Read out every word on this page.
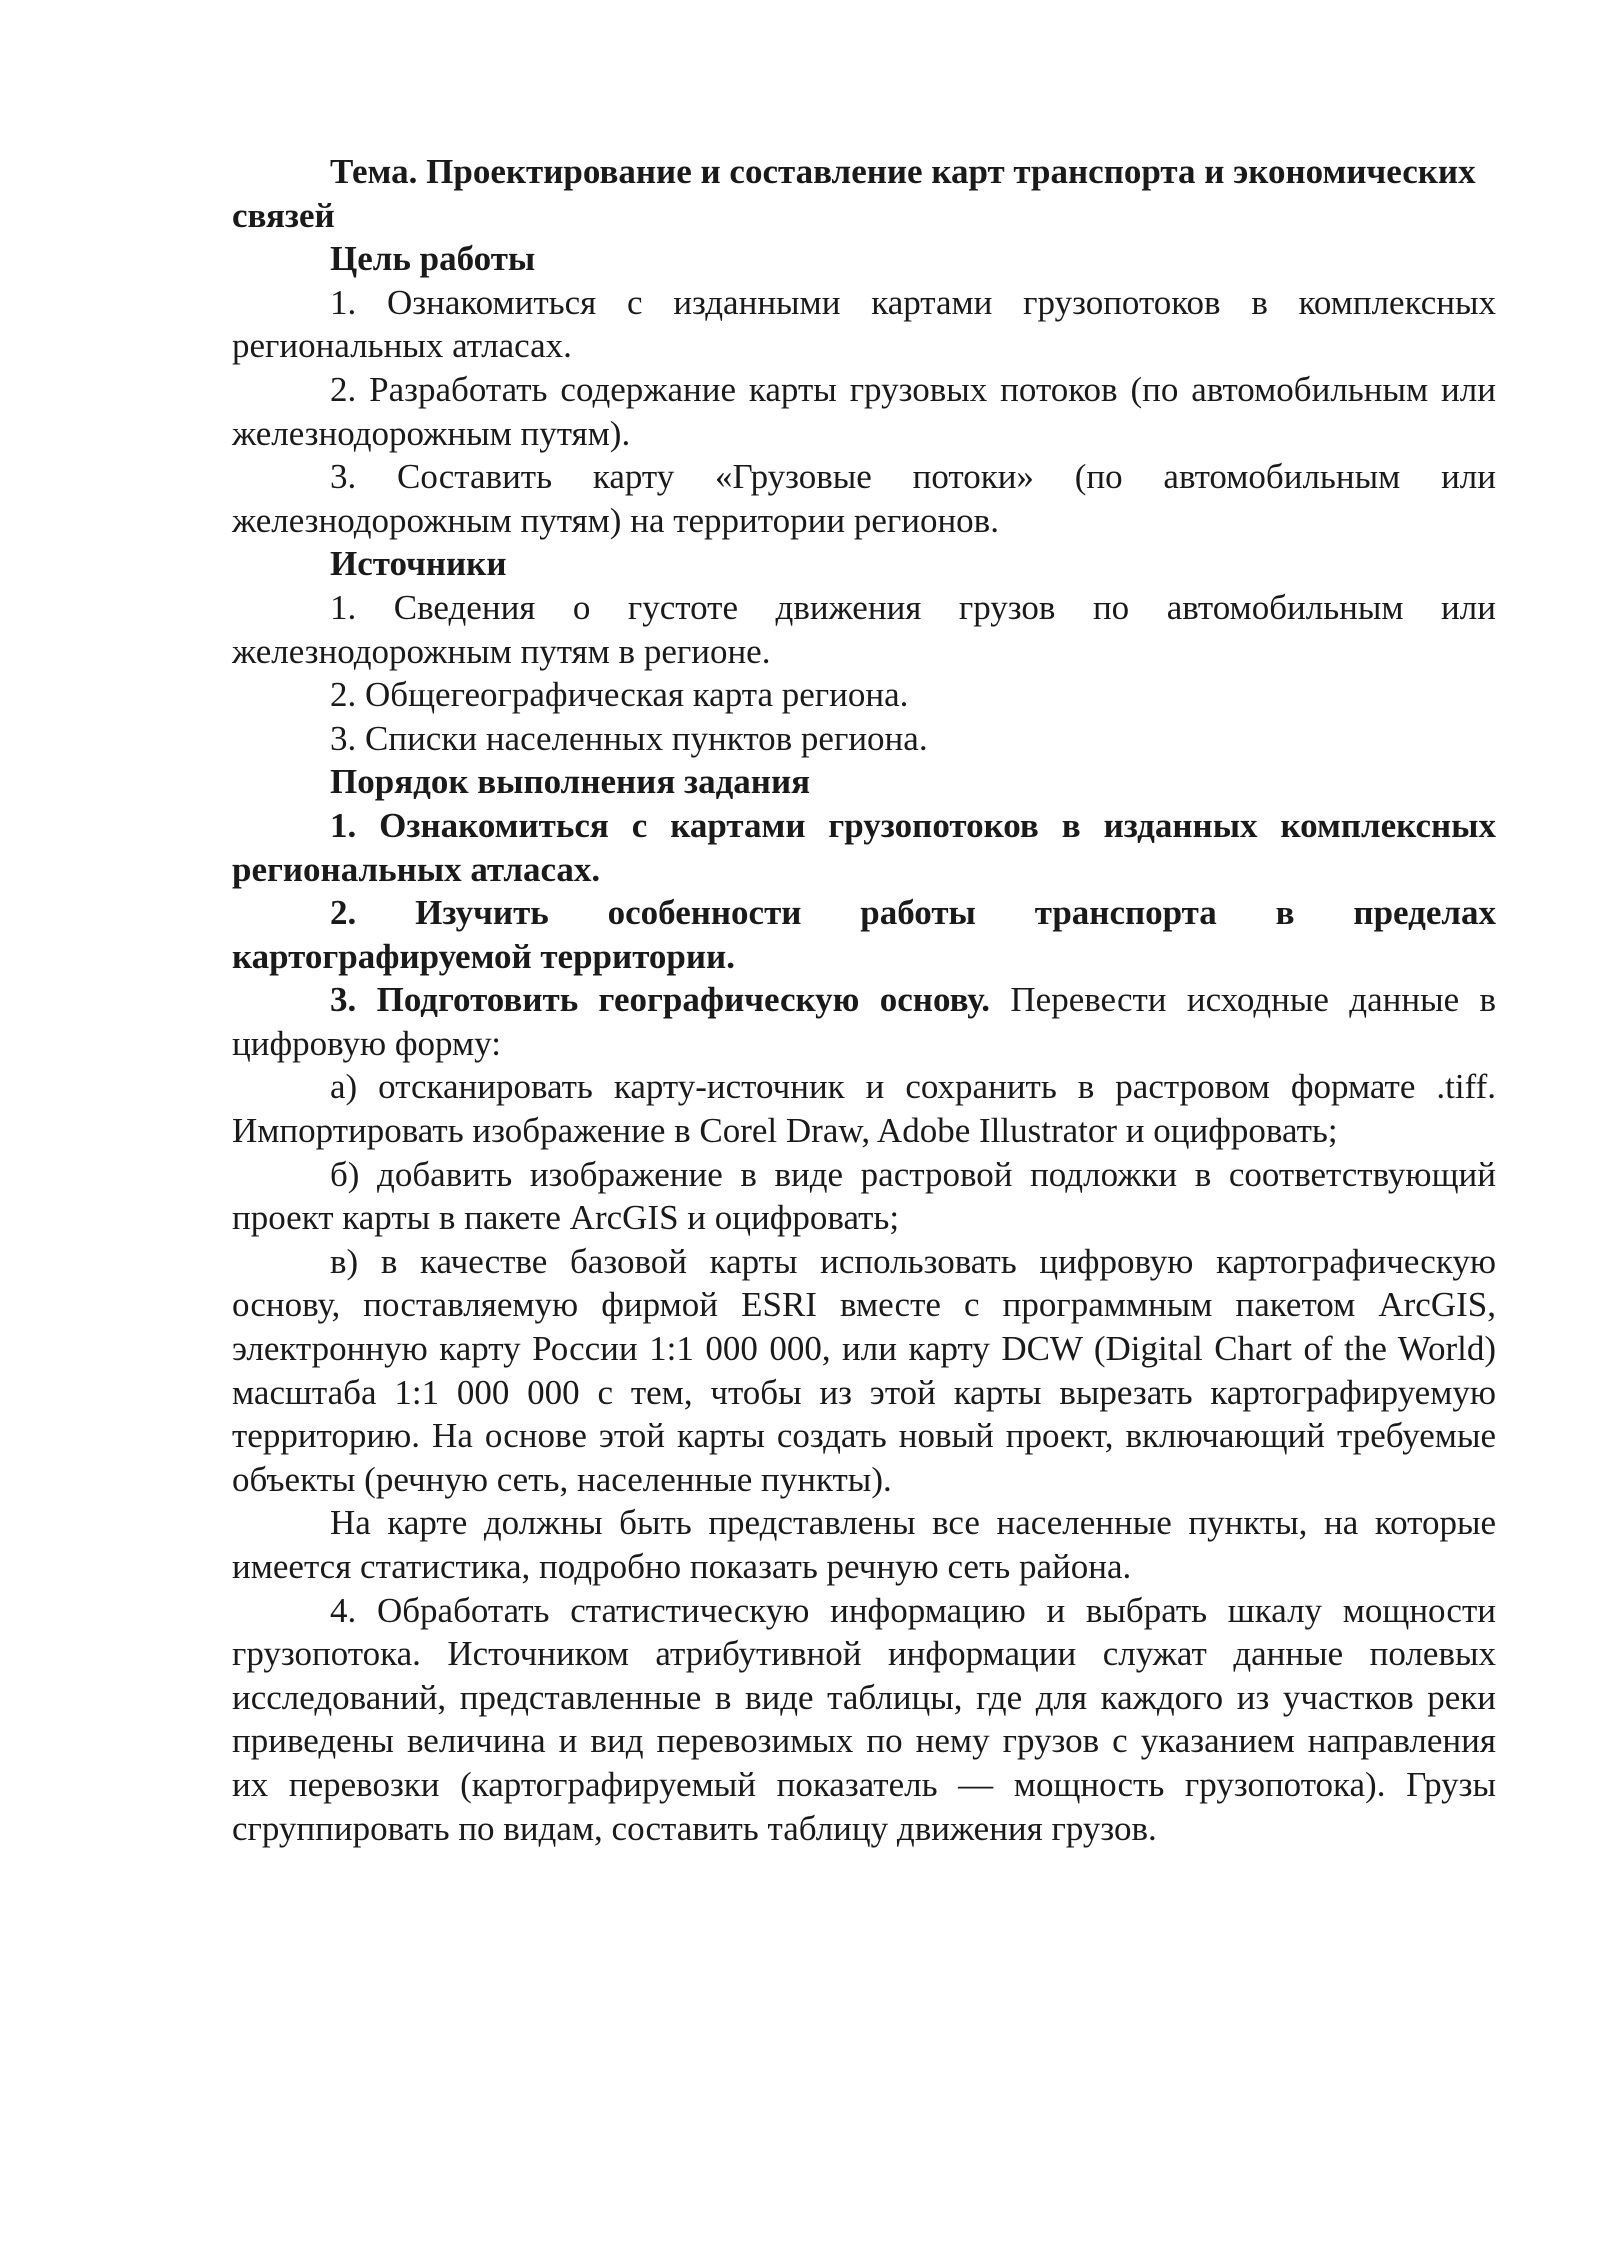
Тема. Проектирование и составление карт транспорта и экономических связей

Цель работы

1. Ознакомиться с изданными картами грузопотоков в комплексных региональных атласах.

2. Разработать содержание карты грузовых потоков (по автомобильным или железнодорожным путям).

3. Составить карту «Грузовые потоки» (по автомобильным или железнодорожным путям) на территории регионов.

Источники

1. Сведения о густоте движения грузов по автомобильным или железнодорожным путям в регионе.

2. Общегеографическая карта региона.

3. Списки населенных пунктов региона.

Порядок выполнения задания

1. Ознакомиться с картами грузопотоков в изданных комплексных региональных атласах.

2. Изучить особенности работы транспорта в пределах картографируемой территории.

3. Подготовить географическую основу. Перевести исходные данные в цифровую форму:

а) отсканировать карту-источник и сохранить в растровом формате .tiff. Импортировать изображение в Corel Draw, Adobe Illustrator и оцифровать;

б) добавить изображение в виде растровой подложки в соответствующий проект карты в пакете ArcGIS и оцифровать;

в) в качестве базовой карты использовать цифровую картографическую основу, поставляемую фирмой ESRI вместе с программным пакетом ArcGIS, электронную карту России 1:1 000 000, или карту DCW (Digital Chart of the World) масштаба 1:1 000 000 с тем, чтобы из этой карты вырезать картографируемую территорию. На основе этой карты создать новый проект, включающий требуемые объекты (речную сеть, населенные пункты).

На карте должны быть представлены все населенные пункты, на которые имеется статистика, подробно показать речную сеть района.

4. Обработать статистическую информацию и выбрать шкалу мощности грузопотока. Источником атрибутивной информации служат данные полевых исследований, представленные в виде таблицы, где для каждого из участков реки приведены величина и вид перевозимых по нему грузов с указанием направления их перевозки (картографируемый показатель — мощность грузопотока). Грузы сгруппировать по видам, составить таблицу движения грузов.
